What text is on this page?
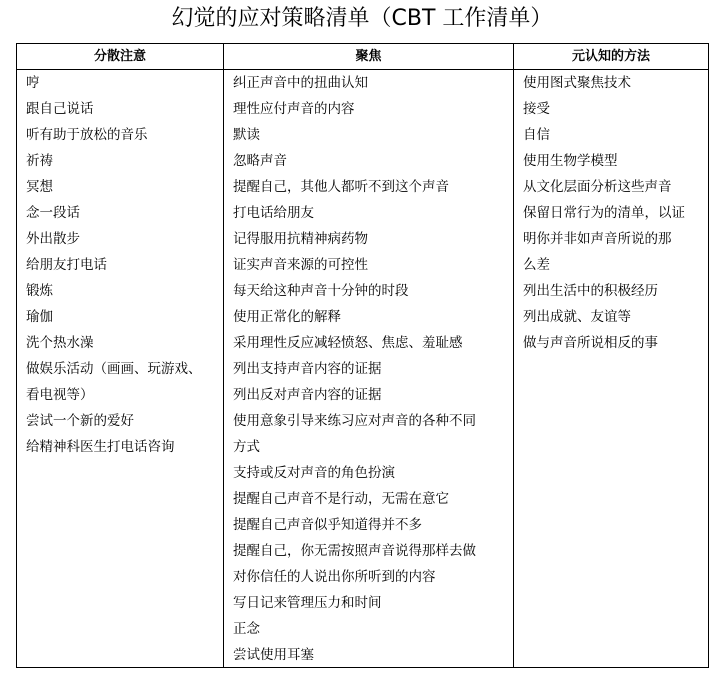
幻觉的应对策略清单（CBT 工作清单）
分散注意
哼
跟自己说话
听有助于放松的音乐
祈祷
冥想
念一段话
外出散步
给朋友打电话
锻炼
瑜伽
洗个热水澡
做娱乐活动（画画、玩游戏、
看电视等）
尝试一个新的爱好
给精神科医生打电话咨询
聚焦
纠正声音中的扭曲认知
理性应付声音的内容
默读
忽略声音
提醒自己，其他人都听不到这个声音
打电话给朋友
记得服用抗精神病药物
证实声音来源的可控性
每天给这种声音十分钟的时段
使用正常化的解释
采用理性反应减轻愤怒、焦虑、羞耻感
列出支持声音内容的证据
列出反对声音内容的证据
使用意象引导来练习应对声音的各种不同
方式
支持或反对声音的角色扮演
提醒自己声音不是行动，无需在意它
提醒自己声音似乎知道得并不多
提醒自己，你无需按照声音说得那样去做
对你信任的人说出你所听到的内容
写日记来管理压力和时间
正念
尝试使用耳塞
元认知的方法
使用图式聚焦技术
接受
自信
使用生物学模型
从文化层面分析这些声音
保留日常行为的清单，以证
明你并非如声音所说的那
么差
列出生活中的积极经历
列出成就、友谊等
做与声音所说相反的事
